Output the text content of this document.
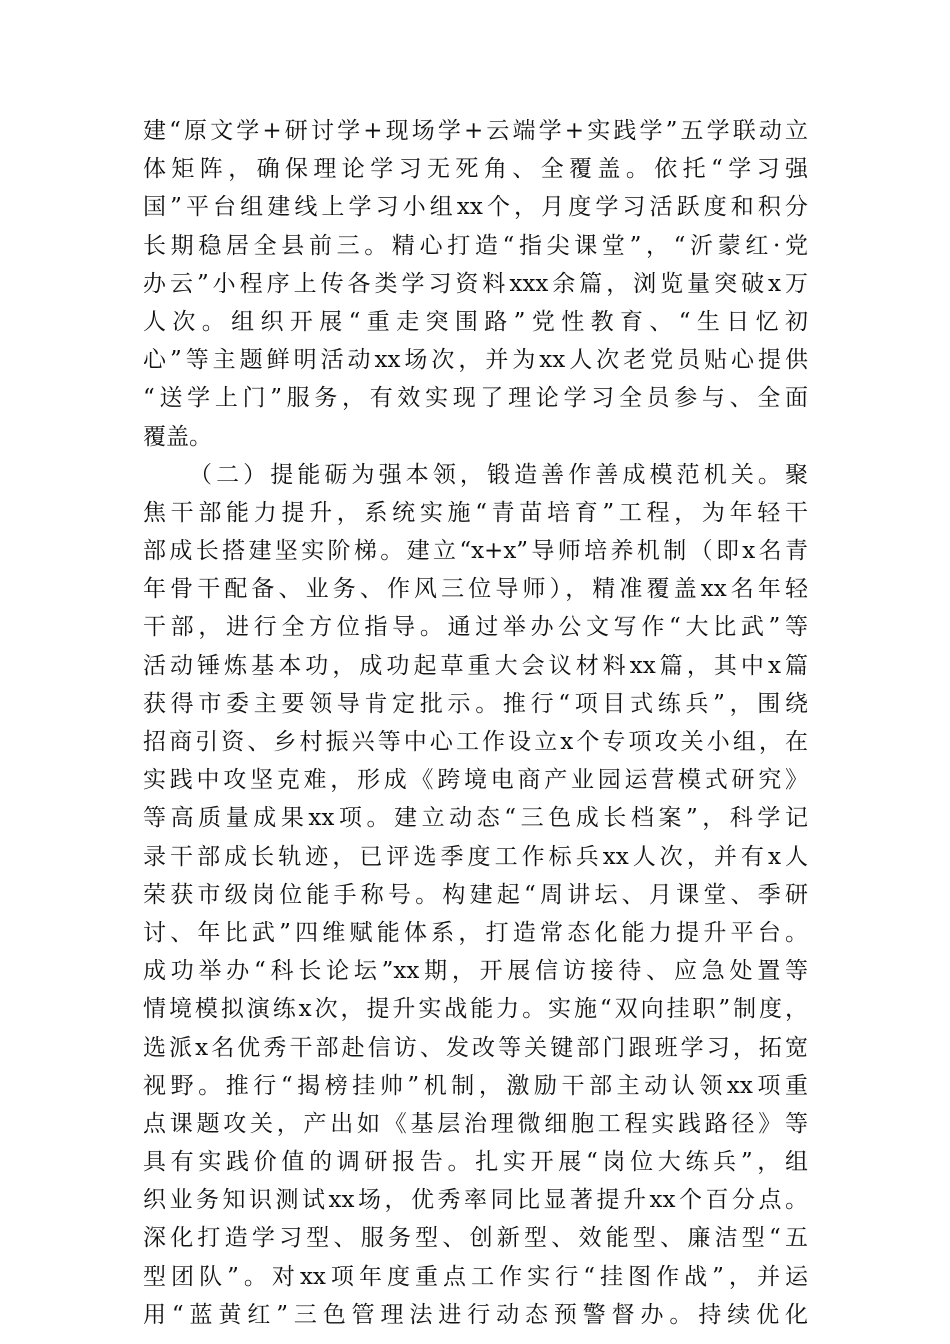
建“原文学+研讨学+现场学+云端学+实践学”五学联动立
体矩阵，确保理论学习无死角、全覆盖。依托“学习强
国”平台组建线上学习小组xx个，月度学习活跃度和积分
长期稳居全县前三。精心打造“指尖课堂”，“沂蒙红·党
办云”小程序上传各类学习资料xxx余篇，浏览量突破x万
人次。组织开展“重走突围路”党性教育、“生日忆初
心”等主题鲜明活动xx场次，并为xx人次老党员贴心提供
“送学上门”服务，有效实现了理论学习全员参与、全面
覆盖。
（二）提能砺为强本领，锻造善作善成模范机关。聚
焦干部能力提升，系统实施“青苗培育”工程，为年轻干
部成长搭建坚实阶梯。建立“x+x”导师培养机制（即x名青
年骨干配备、业务、作风三位导师），精准覆盖xx名年轻
干部，进行全方位指导。通过举办公文写作“大比武”等
活动锤炼基本功，成功起草重大会议材料xx篇，其中x篇
获得市委主要领导肯定批示。推行“项目式练兵”，围绕
招商引资、乡村振兴等中心工作设立x个专项攻关小组，在
实践中攻坚克难，形成《跨境电商产业园运营模式研究》
等高质量成果xx项。建立动态“三色成长档案”，科学记
录干部成长轨迹，已评选季度工作标兵xx人次，并有x人
荣获市级岗位能手称号。构建起“周讲坛、月课堂、季研
讨、年比武”四维赋能体系，打造常态化能力提升平台。
成功举办“科长论坛”xx期，开展信访接待、应急处置等
情境模拟演练x次，提升实战能力。实施“双向挂职”制度，
选派x名优秀干部赴信访、发改等关键部门跟班学习，拓宽
视野。推行“揭榜挂帅”机制，激励干部主动认领xx项重
点课题攻关，产出如《基层治理微细胞工程实践路径》等
具有实践价值的调研报告。扎实开展“岗位大练兵”，组
织业务知识测试xx场，优秀率同比显著提升xx个百分点。
深化打造学习型、服务型、创新型、效能型、廉洁型“五
型团队”。对xx项年度重点工作实行“挂图作战”，并运
用“蓝黄红”三色管理法进行动态预警督办。持续优化
